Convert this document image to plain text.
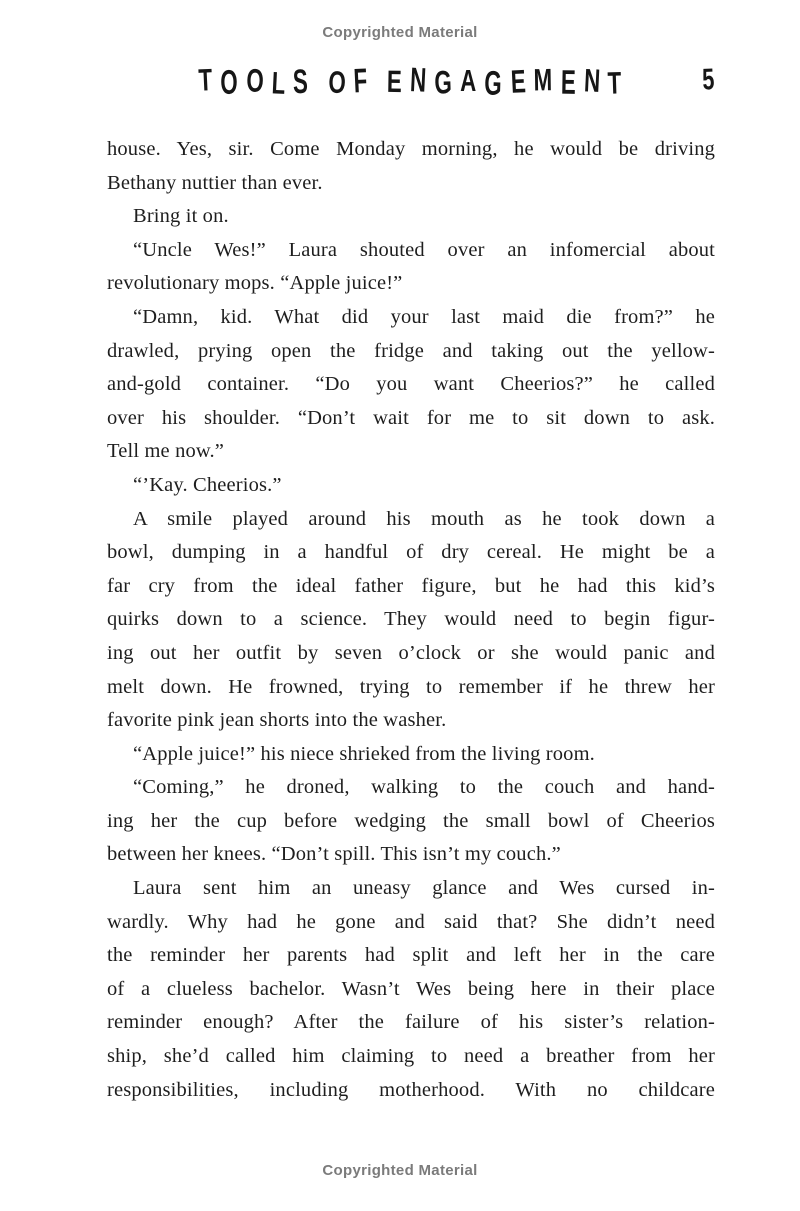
Copyrighted Material
T O O L S O F E N G A G E M E N T	5
house. Yes, sir. Come Monday morning, he would be driving
Bethany nuttier than ever.
Bring it on.
“Uncle Wes!” Laura shouted over an infomercial about
revolutionary mops. “Apple juice!”
“Damn, kid. What did your last maid die from?” he
drawled, prying open the fridge and taking out the yellow-
and-gold container. “Do you want Cheerios?” he called
over his shoulder. “Don’t wait for me to sit down to ask.
Tell me now.”
“’Kay. Cheerios.”
A smile played around his mouth as he took down a
bowl, dumping in a handful of dry cereal. He might be a
far cry from the ideal father figure, but he had this kid’s
quirks down to a science. They would need to begin figur-
ing out her outfit by seven o’clock or she would panic and
melt down. He frowned, trying to remember if he threw her
favorite pink jean shorts into the washer.
“Apple juice!” his niece shrieked from the living room.
“Coming,” he droned, walking to the couch and hand-
ing her the cup before wedging the small bowl of Cheerios
between her knees. “Don’t spill. This isn’t my couch.”
Laura sent him an uneasy glance and Wes cursed in-
wardly. Why had he gone and said that? She didn’t need
the reminder her parents had split and left her in the care
of a clueless bachelor. Wasn’t Wes being here in their place
reminder enough? After the failure of his sister’s relation-
ship, she’d called him claiming to need a breather from her
responsibilities, including motherhood. With no childcare
Copyrighted Material
